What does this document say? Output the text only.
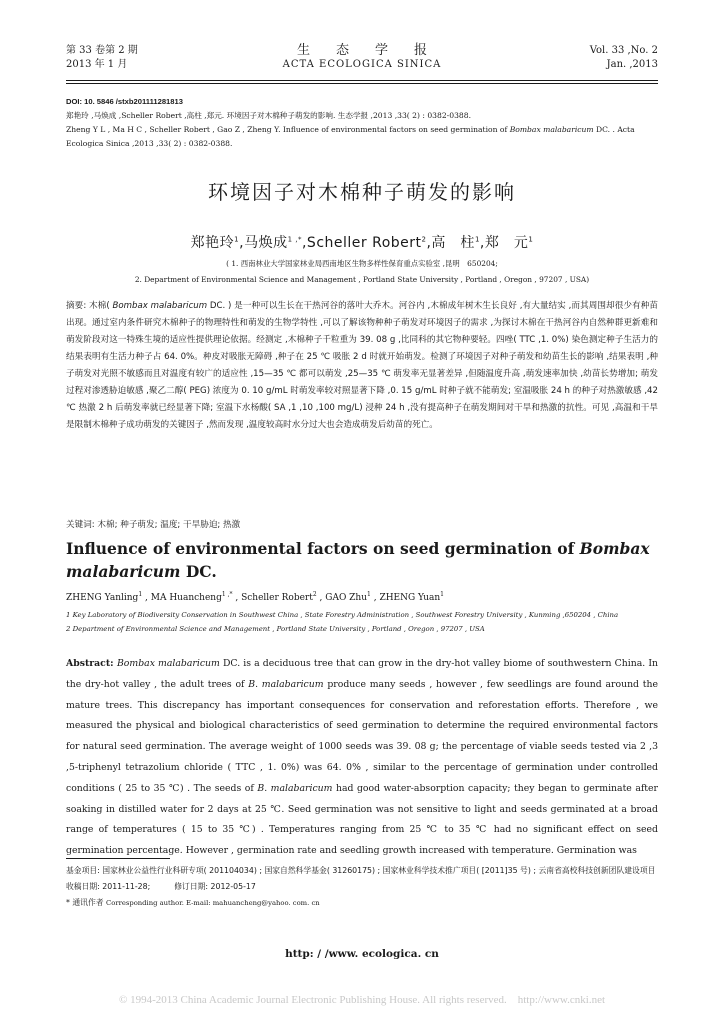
第 33 卷第 2 期
2013 年 1 月
生态学报
ACTA ECOLOGICA SINICA
Vol. 33 ,No. 2
Jan. ,2013
DOI: 10. 5846 /stxb201111281813
郑艳玲 ,马焕成 ,Scheller Robert ,高柱 ,郑元. 环境因子对木棉种子萌发的影响. 生态学报 ,2013 ,33( 2) : 0382-0388.
Zheng Y L , Ma H C , Scheller Robert , Gao Z , Zheng Y. Influence of environmental factors on seed germination of Bombax malabaricum DC. . Acta Ecologica Sinica ,2013 ,33( 2) : 0382-0388.
环境因子对木棉种子萌发的影响
郑艳玲$^1$,马焕成$^{1 ,*}$,Scheller Robert$^2$,高　柱$^1$,郑　元$^1$
( 1. 西南林业大学国家林业局西南地区生物多样性保育重点实验室 ,昆明　650204;
2. Department of Environmental Science and Management , Portland State University , Portland , Oregon , 97207 , USA)
摘要: 木棉( Bombax malabaricum DC. ) 是一种可以生长在干热河谷的落叶大乔木。河谷内 ,木棉成年树木生长良好 ,有大量结实 ,而其周围却很少有种苗出现。通过室内条件研究木棉种子的物理特性和萌发的生物学特性 ,可以了解该物种种子萌发对环境因子的需求 ,为探讨木棉在干热河谷内自然种群更新难和萌发阶段对这一特殊生境的适应性提供理论依据。经测定 ,木棉种子千粒重为 39. 08 g ,比同科的其它物种要轻。四唑( TTC ,1. 0%) 染色测定种子生活力的结果表明有生活力种子占 64. 0%。种皮对吸胀无障碍 ,种子在 25 ℃ 吸胀 2 d 时就开始萌发。检测了环境因子对种子萌发和幼苗生长的影响 ,结果表明 ,种子萌发对光照不敏感而且对温度有较广的适应性 ,15—35 ℃ 都可以萌发 ,25—35 ℃ 萌发率无显著差异 ,但随温度升高 ,萌发速率加快 ,幼苗长势增加; 萌发过程对渗透胁迫敏感 ,聚乙二醇( PEG) 浓度为 0. 10 g/mL 时萌发率较对照显著下降 ,0. 15 g/mL 时种子就不能萌发; 室温吸胀 24 h 的种子对热激敏感 ,42 ℃ 热激 2 h 后萌发率就已经显著下降; 室温下水杨酸( SA ,1 ,10 ,100 mg/L) 浸种 24 h ,没有提高种子在萌发期间对干旱和热激的抗性。可见 ,高温和干旱是限制木棉种子成功萌发的关键因子 ,然而发现 ,温度较高时水分过大也会造成萌发后幼苗的死亡。
关键词: 木棉; 种子萌发; 温度; 干旱胁迫; 热激
Influence of environmental factors on seed germination of Bombax
malabaricum DC.
ZHENG Yanling$^1$ , MA Huancheng$^{1 ,*}$ , Scheller Robert$^2$ , GAO Zhu$^1$ , ZHENG Yuan$^1$
1 Key Laboratory of Biodiversity Conservation in Southwest China , State Forestry Administration , Southwest Forestry University , Kunming ,650204 , China
2 Department of Environmental Science and Management , Portland State University , Portland , Oregon , 97207 , USA
Abstract: Bombax malabaricum DC. is a deciduous tree that can grow in the dry-hot valley biome of southwestern China. In the dry-hot valley , the adult trees of B. malabaricum produce many seeds , however , few seedlings are found around the mature trees. This discrepancy has important consequences for conservation and reforestation efforts. Therefore , we measured the physical and biological characteristics of seed germination to determine the required environmental factors for natural seed germination. The average weight of 1000 seeds was 39. 08 g; the percentage of viable seeds tested via 2 ,3 ,5-triphenyl tetrazolium chloride ( TTC , 1. 0%) was 64. 0% , similar to the percentage of germination under controlled conditions ( 25 to 35 ℃) . The seeds of B. malabaricum had good water-absorption capacity; they began to germinate after soaking in distilled water for 2 days at 25 ℃. Seed germination was not sensitive to light and seeds germinated at a broad range of temperatures ( 15 to 35 ℃) . Temperatures ranging from 25 ℃ to 35 ℃ had no significant effect on seed germination percentage. However , germination rate and seedling growth increased with temperature. Germination was
基金项目: 国家林业公益性行业科研专项( 201104034) ; 国家自然科学基金( 31260175) ; 国家林业科学技术推广项目( [2011]35 号) ; 云南省高校科技创新团队建设项目
收稿日期: 2011-11-28;	修订日期: 2012-05-17
* 通讯作者 Corresponding author. E-mail: mahuancheng@yahoo. com. cn
http: / /www. ecologica. cn
© 1994-2013 China Academic Journal Electronic Publishing House. All rights reserved.　http://www.cnki.net
